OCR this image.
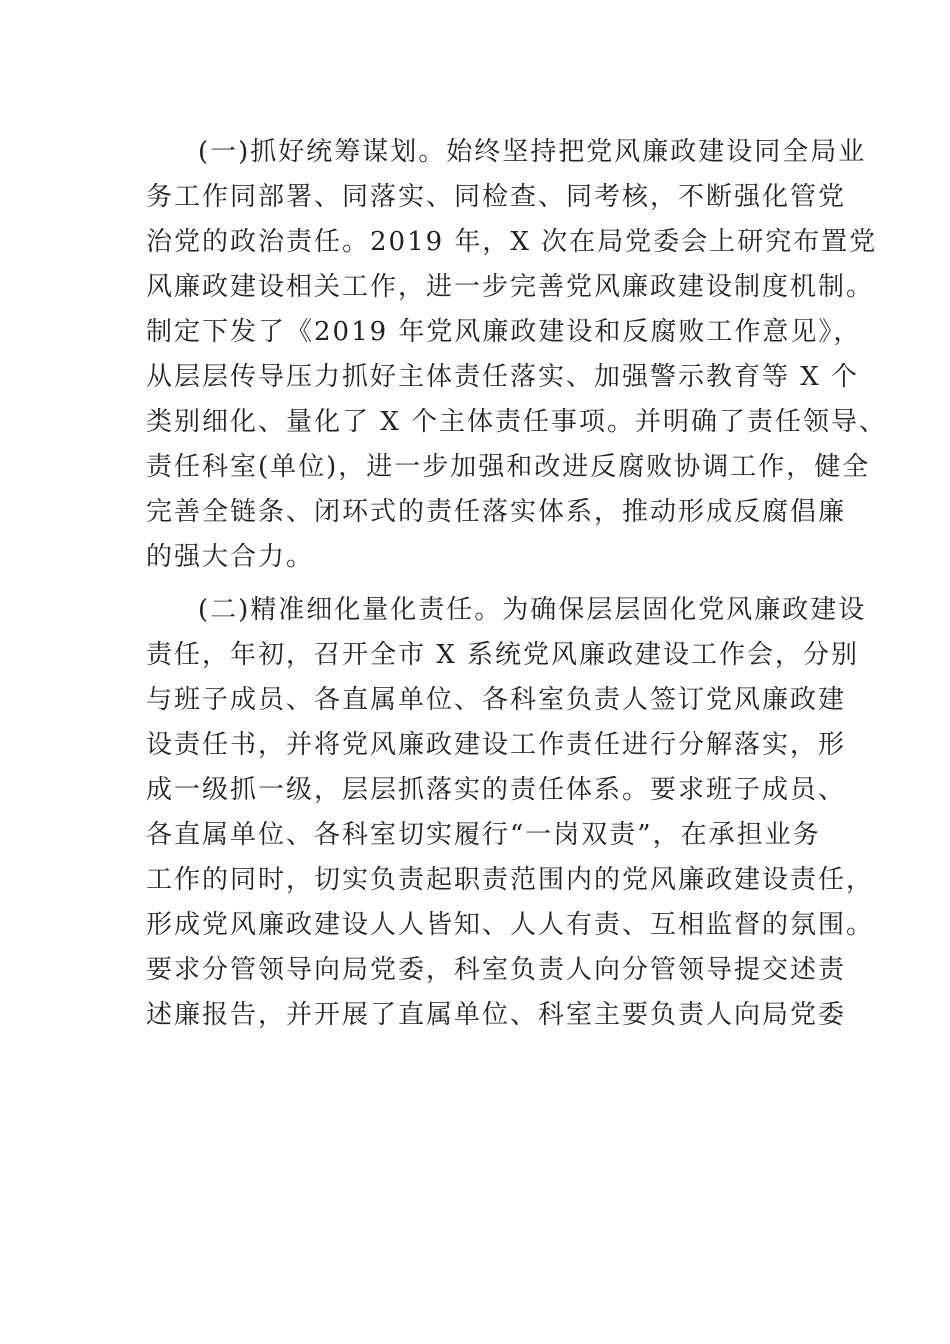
(一)抓好统筹谋划。始终坚持把党风廉政建设同全局业
务工作同部署、同落实、同检查、同考核，不断强化管党
治党的政治责任。2019 年，X 次在局党委会上研究布置党
风廉政建设相关工作，进一步完善党风廉政建设制度机制。
制定下发了《2019 年党风廉政建设和反腐败工作意见》，
从层层传导压力抓好主体责任落实、加强警示教育等 X 个
类别细化、量化了 X 个主体责任事项。并明确了责任领导、
责任科室(单位)，进一步加强和改进反腐败协调工作，健全
完善全链条、闭环式的责任落实体系，推动形成反腐倡廉
的强大合力。
(二)精准细化量化责任。为确保层层固化党风廉政建设
责任，年初，召开全市 X 系统党风廉政建设工作会，分别
与班子成员、各直属单位、各科室负责人签订党风廉政建
设责任书，并将党风廉政建设工作责任进行分解落实，形
成一级抓一级，层层抓落实的责任体系。要求班子成员、
各直属单位、各科室切实履行“一岗双责”，在承担业务
工作的同时，切实负责起职责范围内的党风廉政建设责任，
形成党风廉政建设人人皆知、人人有责、互相监督的氛围。
要求分管领导向局党委，科室负责人向分管领导提交述责
述廉报告，并开展了直属单位、科室主要负责人向局党委
